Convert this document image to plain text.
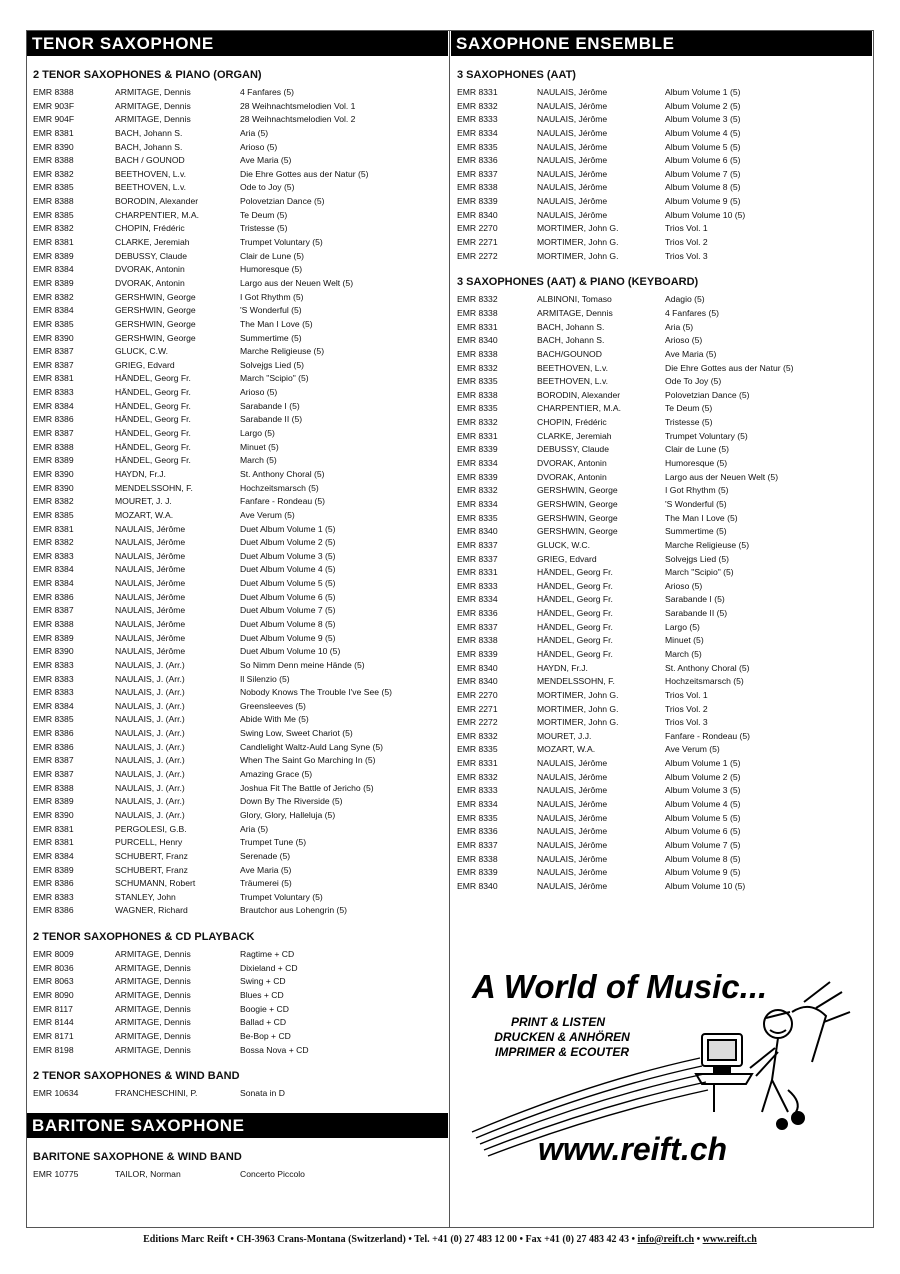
TENOR SAXOPHONE
2 TENOR SAXOPHONES & PIANO (ORGAN)
EMR 8388	ARMITAGE, Dennis	4 Fanfares (5)
EMR 903F	ARMITAGE, Dennis	28 Weihnachtsmelodien Vol. 1
EMR 904F	ARMITAGE, Dennis	28 Weihnachtsmelodien Vol. 2
EMR 8381	BACH, Johann S.	Aria (5)
EMR 8390	BACH, Johann S.	Arioso (5)
EMR 8388	BACH / GOUNOD	Ave Maria (5)
EMR 8382	BEETHOVEN, L.v.	Die Ehre Gottes aus der Natur (5)
EMR 8385	BEETHOVEN, L.v.	Ode to Joy (5)
EMR 8388	BORODIN, Alexander	Polovetzian Dance (5)
EMR 8385	CHARPENTIER, M.A.	Te Deum (5)
EMR 8382	CHOPIN, Frédéric	Tristesse (5)
EMR 8381	CLARKE, Jeremiah	Trumpet Voluntary (5)
EMR 8389	DEBUSSY, Claude	Clair de Lune (5)
EMR 8384	DVORAK, Antonin	Humoresque (5)
EMR 8389	DVORAK, Antonin	Largo aus der Neuen Welt (5)
EMR 8382	GERSHWIN, George	I Got Rhythm (5)
EMR 8384	GERSHWIN, George	'S Wonderful (5)
EMR 8385	GERSHWIN, George	The Man I Love (5)
EMR 8390	GERSHWIN, George	Summertime (5)
EMR 8387	GLUCK, C.W.	Marche Religieuse (5)
EMR 8387	GRIEG, Edvard	Solvejgs Lied (5)
EMR 8381	HÄNDEL, Georg Fr.	March "Scipio" (5)
EMR 8383	HÄNDEL, Georg Fr.	Arioso (5)
EMR 8384	HÄNDEL, Georg Fr.	Sarabande I (5)
EMR 8386	HÄNDEL, Georg Fr.	Sarabande II (5)
EMR 8387	HÄNDEL, Georg Fr.	Largo (5)
EMR 8388	HÄNDEL, Georg Fr.	Minuet (5)
EMR 8389	HÄNDEL, Georg Fr.	March (5)
EMR 8390	HAYDN, Fr.J.	St. Anthony Choral (5)
EMR 8390	MENDELSSOHN, F.	Hochzeitsmarsch (5)
EMR 8382	MOURET, J. J.	Fanfare - Rondeau (5)
EMR 8385	MOZART, W.A.	Ave Verum (5)
EMR 8381	NAULAIS, Jérôme	Duet Album Volume 1 (5)
EMR 8382	NAULAIS, Jérôme	Duet Album Volume 2 (5)
EMR 8383	NAULAIS, Jérôme	Duet Album Volume 3 (5)
EMR 8384	NAULAIS, Jérôme	Duet Album Volume 4 (5)
EMR 8384	NAULAIS, Jérôme	Duet Album Volume 5 (5)
EMR 8386	NAULAIS, Jérôme	Duet Album Volume 6 (5)
EMR 8387	NAULAIS, Jérôme	Duet Album Volume 7 (5)
EMR 8388	NAULAIS, Jérôme	Duet Album Volume 8 (5)
EMR 8389	NAULAIS, Jérôme	Duet Album Volume 9 (5)
EMR 8390	NAULAIS, Jérôme	Duet Album Volume 10 (5)
EMR 8383	NAULAIS, J. (Arr.)	So Nimm Denn meine Hände (5)
EMR 8383	NAULAIS, J. (Arr.)	Il Silenzio (5)
EMR 8383	NAULAIS, J. (Arr.)	Nobody Knows The Trouble I've See (5)
EMR 8384	NAULAIS, J. (Arr.)	Greensleeves (5)
EMR 8385	NAULAIS, J. (Arr.)	Abide With Me (5)
EMR 8386	NAULAIS, J. (Arr.)	Swing Low, Sweet Chariot (5)
EMR 8386	NAULAIS, J. (Arr.)	Candlelight Waltz-Auld Lang Syne (5)
EMR 8387	NAULAIS, J. (Arr.)	When The Saint Go Marching In (5)
EMR 8387	NAULAIS, J. (Arr.)	Amazing Grace (5)
EMR 8388	NAULAIS, J. (Arr.)	Joshua Fit The Battle of Jericho (5)
EMR 8389	NAULAIS, J. (Arr.)	Down By The Riverside (5)
EMR 8390	NAULAIS, J. (Arr.)	Glory, Glory, Halleluja (5)
EMR 8381	PERGOLESI, G.B.	Aria (5)
EMR 8381	PURCELL, Henry	Trumpet Tune (5)
EMR 8384	SCHUBERT, Franz	Serenade (5)
EMR 8389	SCHUBERT, Franz	Ave Maria (5)
EMR 8386	SCHUMANN, Robert	Träumerei (5)
EMR 8383	STANLEY, John	Trumpet Voluntary (5)
EMR 8386	WAGNER, Richard	Brautchor aus Lohengrin (5)
2 TENOR SAXOPHONES & CD PLAYBACK
EMR 8009	ARMITAGE, Dennis	Ragtime + CD
EMR 8036	ARMITAGE, Dennis	Dixieland + CD
EMR 8063	ARMITAGE, Dennis	Swing + CD
EMR 8090	ARMITAGE, Dennis	Blues + CD
EMR 8117	ARMITAGE, Dennis	Boogie + CD
EMR 8144	ARMITAGE, Dennis	Ballad + CD
EMR 8171	ARMITAGE, Dennis	Be-Bop + CD
EMR 8198	ARMITAGE, Dennis	Bossa Nova + CD
2 TENOR SAXOPHONES & WIND BAND
EMR 10634	FRANCHESCHINI, P.	Sonata in D
BARITONE SAXOPHONE
BARITONE SAXOPHONE & WIND BAND
EMR 10775	TAILOR, Norman	Concerto Piccolo
SAXOPHONE ENSEMBLE
3 SAXOPHONES (AAT)
EMR 8331	NAULAIS, Jérôme	Album Volume 1 (5)
EMR 8332	NAULAIS, Jérôme	Album Volume 2 (5)
EMR 8333	NAULAIS, Jérôme	Album Volume 3 (5)
EMR 8334	NAULAIS, Jérôme	Album Volume 4 (5)
EMR 8335	NAULAIS, Jérôme	Album Volume 5 (5)
EMR 8336	NAULAIS, Jérôme	Album Volume 6 (5)
EMR 8337	NAULAIS, Jérôme	Album Volume 7 (5)
EMR 8338	NAULAIS, Jérôme	Album Volume 8 (5)
EMR 8339	NAULAIS, Jérôme	Album Volume 9 (5)
EMR 8340	NAULAIS, Jérôme	Album Volume 10 (5)
EMR 2270	MORTIMER, John G.	Trios Vol. 1
EMR 2271	MORTIMER, John G.	Trios Vol. 2
EMR 2272	MORTIMER, John G.	Trios Vol. 3
3 SAXOPHONES (AAT) & PIANO (KEYBOARD)
EMR 8332	ALBINONI, Tomaso	Adagio (5)
EMR 8338	ARMITAGE, Dennis	4 Fanfares (5)
EMR 8331	BACH, Johann S.	Aria (5)
EMR 8340	BACH, Johann S.	Arioso (5)
EMR 8338	BACH/GOUNOD	Ave Maria (5)
EMR 8332	BEETHOVEN, L.v.	Die Ehre Gottes aus der Natur (5)
EMR 8335	BEETHOVEN, L.v.	Ode To Joy (5)
EMR 8338	BORODIN, Alexander	Polovetzian Dance (5)
EMR 8335	CHARPENTIER, M.A.	Te Deum (5)
EMR 8332	CHOPIN, Frédéric	Tristesse (5)
EMR 8331	CLARKE, Jeremiah	Trumpet Voluntary (5)
EMR 8339	DEBUSSY, Claude	Clair de Lune (5)
EMR 8334	DVORAK, Antonin	Humoresque (5)
EMR 8339	DVORAK, Antonin	Largo aus der Neuen Welt (5)
EMR 8332	GERSHWIN, George	I Got Rhythm (5)
EMR 8334	GERSHWIN, George	'S Wonderful (5)
EMR 8335	GERSHWIN, George	The Man I Love (5)
EMR 8340	GERSHWIN, George	Summertime (5)
EMR 8337	GLUCK, W.C.	Marche Religieuse (5)
EMR 8337	GRIEG, Edvard	Solvejgs Lied (5)
EMR 8331	HÄNDEL, Georg Fr.	March "Scipio" (5)
EMR 8333	HÄNDEL, Georg Fr.	Arioso (5)
EMR 8334	HÄNDEL, Georg Fr.	Sarabande I (5)
EMR 8336	HÄNDEL, Georg Fr.	Sarabande II (5)
EMR 8337	HÄNDEL, Georg Fr.	Largo (5)
EMR 8338	HÄNDEL, Georg Fr.	Minuet (5)
EMR 8339	HÄNDEL, Georg Fr.	March (5)
EMR 8340	HAYDN, Fr.J.	St. Anthony Choral (5)
EMR 8340	MENDELSSOHN, F.	Hochzeitsmarsch (5)
EMR 2270	MORTIMER, John G.	Trios Vol. 1
EMR 2271	MORTIMER, John G.	Trios Vol. 2
EMR 2272	MORTIMER, John G.	Trios Vol. 3
EMR 8332	MOURET, J.J.	Fanfare - Rondeau (5)
EMR 8335	MOZART, W.A.	Ave Verum (5)
EMR 8331	NAULAIS, Jérôme	Album Volume 1 (5)
EMR 8332	NAULAIS, Jérôme	Album Volume 2 (5)
EMR 8333	NAULAIS, Jérôme	Album Volume 3 (5)
EMR 8334	NAULAIS, Jérôme	Album Volume 4 (5)
EMR 8335	NAULAIS, Jérôme	Album Volume 5 (5)
EMR 8336	NAULAIS, Jérôme	Album Volume 6 (5)
EMR 8337	NAULAIS, Jérôme	Album Volume 7 (5)
EMR 8338	NAULAIS, Jérôme	Album Volume 8 (5)
EMR 8339	NAULAIS, Jérôme	Album Volume 9 (5)
EMR 8340	NAULAIS, Jérôme	Album Volume 10 (5)
A World of Music...
PRINT & LISTEN
DRUCKEN & ANHÖREN
IMPRIMER & ECOUTER
www.reift.ch
Editions Marc Reift • CH-3963 Crans-Montana (Switzerland) • Tel. +41 (0) 27 483 12 00 • Fax +41 (0) 27 483 42 43 • info@reift.ch • www.reift.ch
